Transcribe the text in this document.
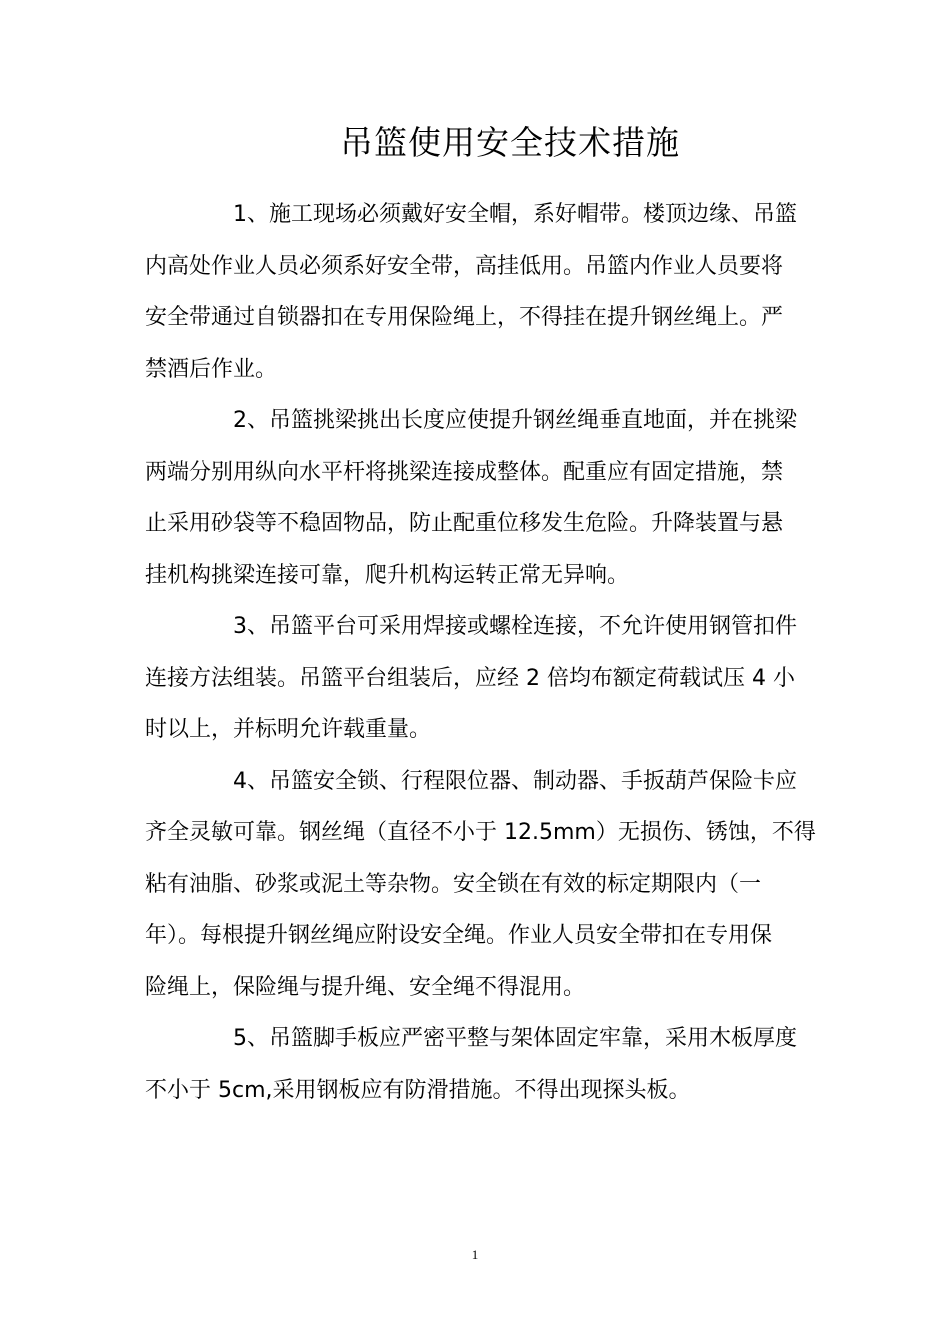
吊篮使用安全技术措施
1、施工现场必须戴好安全帽，系好帽带。楼顶边缘、吊篮
内高处作业人员必须系好安全带，高挂低用。吊篮内作业人员要将
安全带通过自锁器扣在专用保险绳上，不得挂在提升钢丝绳上。严
禁酒后作业。
2、吊篮挑梁挑出长度应使提升钢丝绳垂直地面，并在挑梁
两端分别用纵向水平杆将挑梁连接成整体。配重应有固定措施，禁
止采用砂袋等不稳固物品，防止配重位移发生危险。升降装置与悬
挂机构挑梁连接可靠，爬升机构运转正常无异响。
3、吊篮平台可采用焊接或螺栓连接，不允许使用钢管扣件
连接方法组装。吊篮平台组装后，应经 2 倍均布额定荷载试压 4 小
时以上，并标明允许载重量。
4、吊篮安全锁、行程限位器、制动器、手扳葫芦保险卡应
齐全灵敏可靠。钢丝绳（直径不小于 12.5mm）无损伤、锈蚀，不得
粘有油脂、砂浆或泥土等杂物。安全锁在有效的标定期限内（一
年）。每根提升钢丝绳应附设安全绳。作业人员安全带扣在专用保
险绳上，保险绳与提升绳、安全绳不得混用。
5、吊篮脚手板应严密平整与架体固定牢靠，采用木板厚度
不小于 5cm,采用钢板应有防滑措施。不得出现探头板。
1
